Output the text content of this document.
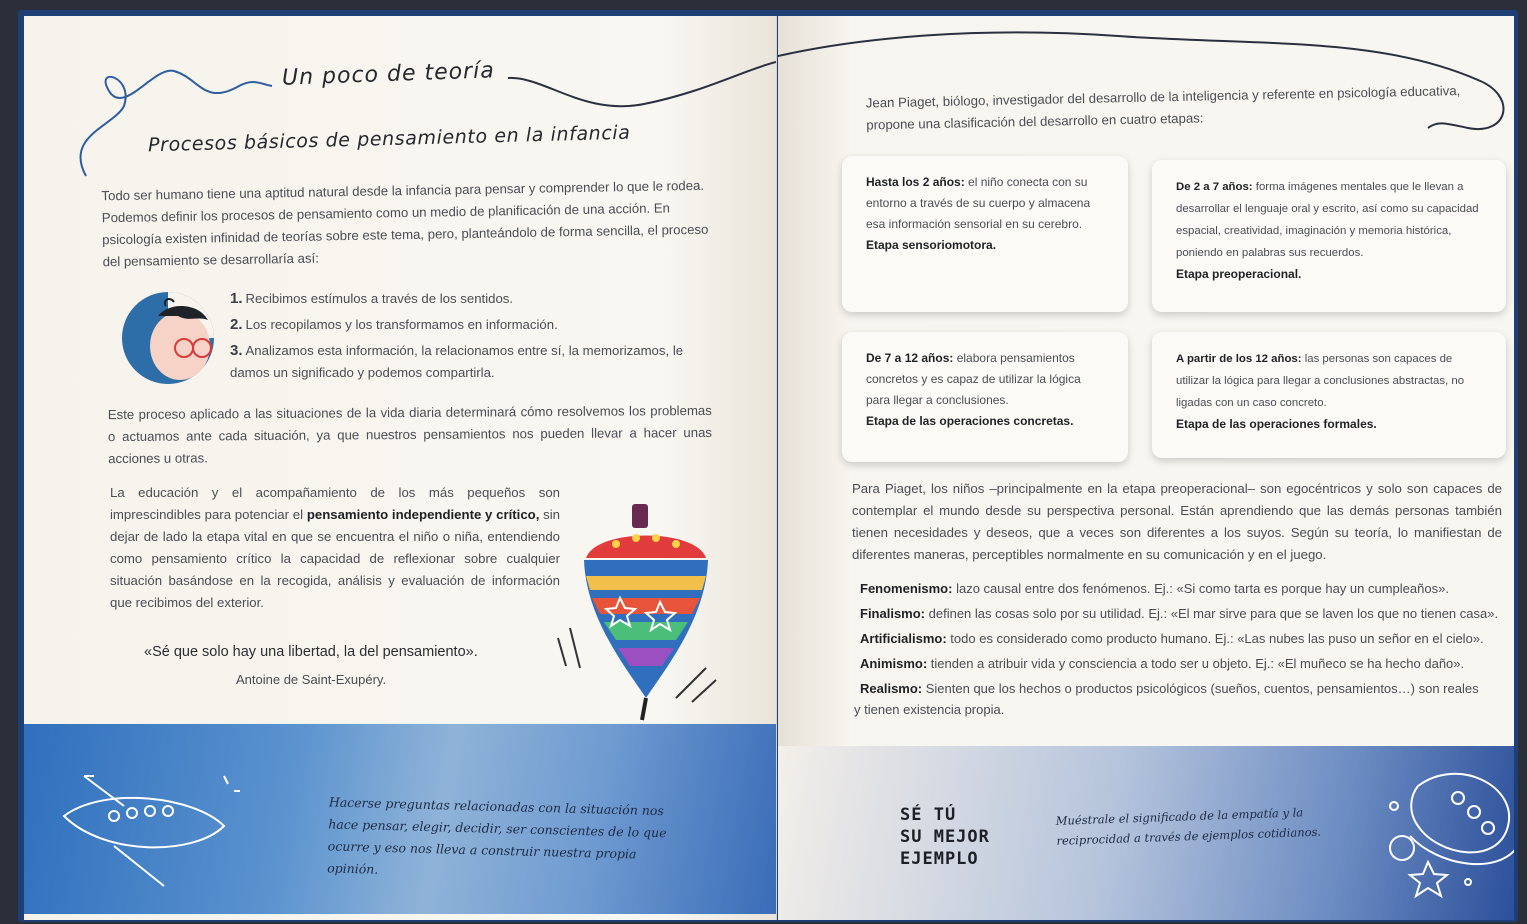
Un poco de teoría
Procesos básicos de pensamiento en la infancia
Todo ser humano tiene una aptitud natural desde la infancia para pensar y comprender lo que le rodea. Podemos definir los procesos de pensamiento como un medio de planificación de una acción. En psicología existen infinidad de teorías sobre este tema, pero, planteándolo de forma sencilla, el proceso del pensamiento se desarrollaría así:
1. Recibimos estímulos a través de los sentidos.
2. Los recopilamos y los transformamos en información.
3. Analizamos esta información, la relacionamos entre sí, la memorizamos, le damos un significado y podemos compartirla.
Este proceso aplicado a las situaciones de la vida diaria determinará cómo resolvemos los problemas o actuamos ante cada situación, ya que nuestros pensamientos nos pueden llevar a hacer unas acciones u otras.
La educación y el acompañamiento de los más pequeños son imprescindibles para potenciar el pensamiento independiente y crítico, sin dejar de lado la etapa vital en que se encuentra el niño o niña, entendiendo como pensamiento crítico la capacidad de reflexionar sobre cualquier situación basándose en la recogida, análisis y evaluación de información que recibimos del exterior.
«Sé que solo hay una libertad, la del pensamiento».
Antoine de Saint-Exupéry.
Hacerse preguntas relacionadas con la situación nos hace pensar, elegir, decidir, ser conscientes de lo que ocurre y eso nos lleva a construir nuestra propia opinión.
Jean Piaget, biólogo, investigador del desarrollo de la inteligencia y referente en psicología educativa, propone una clasificación del desarrollo en cuatro etapas:
Hasta los 2 años: el niño conecta con su entorno a través de su cuerpo y almacena esa información sensorial en su cerebro.
Etapa sensoriomotora.
De 2 a 7 años: forma imágenes mentales que le llevan a desarrollar el lenguaje oral y escrito, así como su capacidad espacial, creatividad, imaginación y memoria histórica, poniendo en palabras sus recuerdos.
Etapa preoperacional.
De 7 a 12 años: elabora pensamientos concretos y es capaz de utilizar la lógica para llegar a conclusiones.
Etapa de las operaciones concretas.
A partir de los 12 años: las personas son capaces de utilizar la lógica para llegar a conclusiones abstractas, no ligadas con un caso concreto.
Etapa de las operaciones formales.
Para Piaget, los niños –principalmente en la etapa preoperacional– son egocéntricos y solo son capaces de contemplar el mundo desde su perspectiva personal. Están aprendiendo que las demás personas también tienen necesidades y deseos, que a veces son diferentes a los suyos. Según su teoría, lo manifiestan de diferentes maneras, perceptibles normalmente en su comunicación y en el juego.
Fenomenismo: lazo causal entre dos fenómenos. Ej.: «Si como tarta es porque hay un cumpleaños».
Finalismo: definen las cosas solo por su utilidad. Ej.: «El mar sirve para que se laven los que no tienen casa».
Artificialismo: todo es considerado como producto humano. Ej.: «Las nubes las puso un señor en el cielo».
Animismo: tienden a atribuir vida y consciencia a todo ser u objeto. Ej.: «El muñeco se ha hecho daño».
Realismo: Sienten que los hechos o productos psicológicos (sueños, cuentos, pensamientos…) son reales
y tienen existencia propia.
SÉ TÚ
SU MEJOR
EJEMPLO
Muéstrale el significado de la empatía y la reciprocidad a través de ejemplos cotidianos.
